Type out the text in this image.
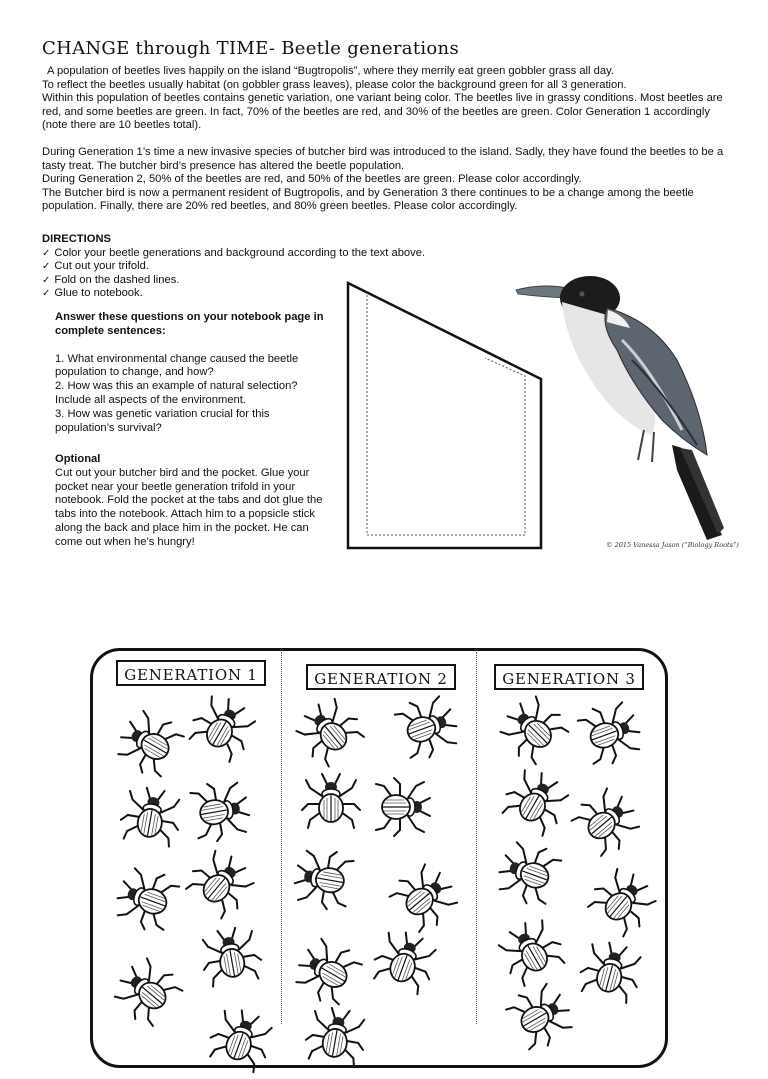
CHANGE through TIME- Beetle generations

A population of beetles lives happily on the island “Bugtropolis”, where they merrily eat green gobbler grass all day.

To reflect the beetles usually habitat (on gobbler grass leaves), please color the background green for all 3 generation.

Within this population of beetles contains genetic variation, one variant being color. The beetles live in grassy conditions. Most beetles are red, and some beetles are green. In fact, 70% of the beetles are red, and 30% of the beetles are green. Color Generation 1 accordingly (note there are 10 beetles total).

During Generation 1’s time a new invasive species of butcher bird was introduced to the island. Sadly, they have found the beetles to be a tasty treat. The butcher bird’s presence has altered the beetle population.

During Generation 2, 50% of the beetles are red, and 50% of the beetles are green. Please color accordingly.

The Butcher bird is now a permanent resident of Bugtropolis, and by Generation 3 there continues to be a change among the beetle population. Finally, there are 20% red beetles, and 80% green beetles. Please color accordingly.

DIRECTIONS
✓ Color your beetle generations and background according to the text above.
✓ Cut out your trifold.
✓ Fold on the dashed lines.
✓ Glue to notebook.

Answer these questions on your notebook page in complete sentences:

1. What environmental change caused the beetle population to change, and how?

2. How was this an example of natural selection? Include all aspects of the environment.

3. How was genetic variation crucial for this population’s survival?

Optional

Cut out your butcher bird and the pocket. Glue your pocket near your beetle generation trifold in your notebook. Fold the pocket at the tabs and dot glue the tabs into the notebook. Attach him to a popsicle stick along the back and place him in the pocket. He can come out when he’s hungry!	© 2015 Vanessa Jason (“Biology Roots”)
GENERATION 1	GENERATION 2	GENERATION 3
